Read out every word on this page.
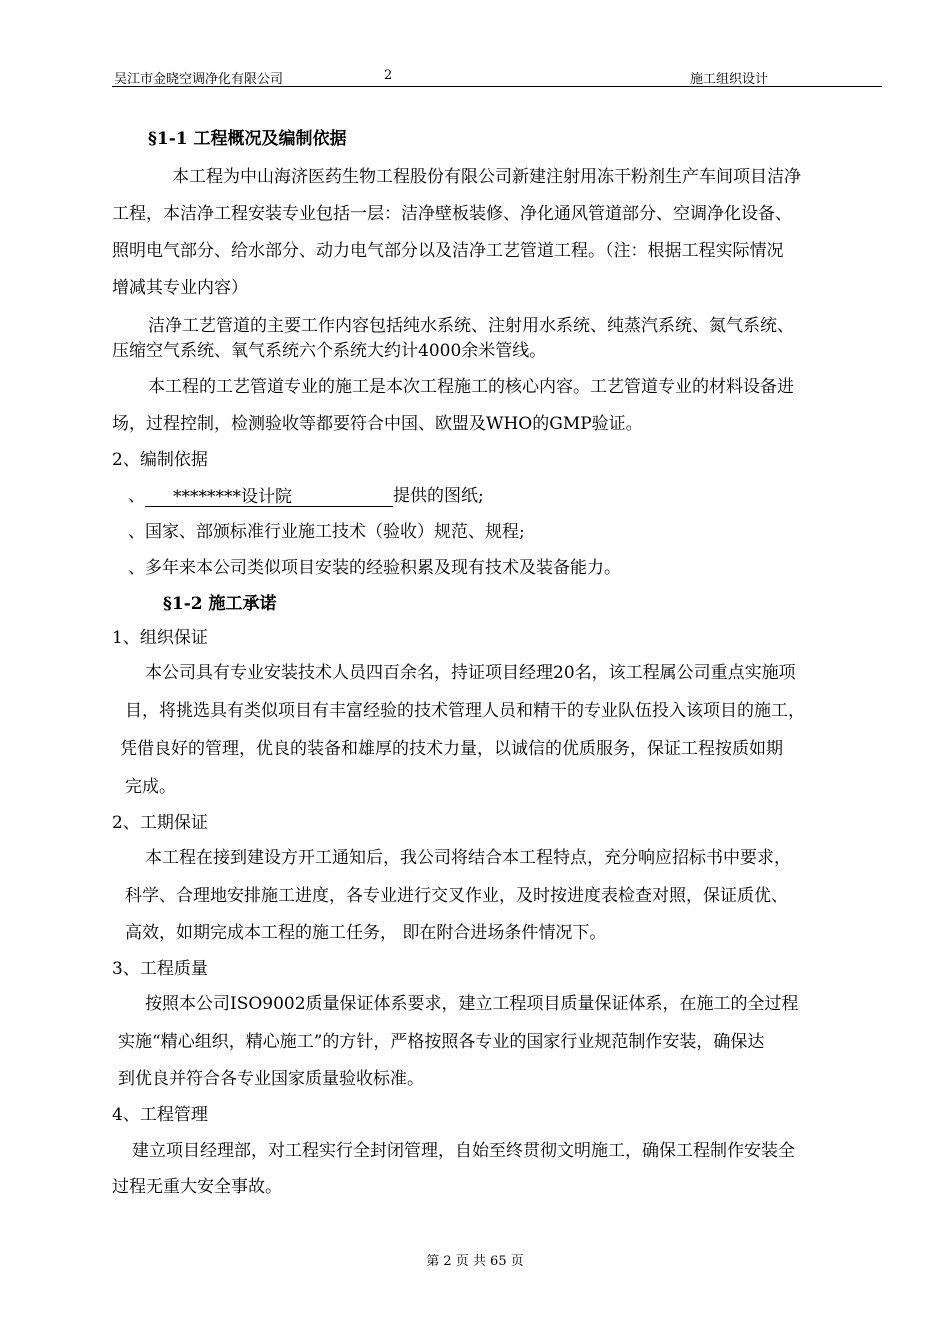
吴江市金晓空调净化有限公司	2	施工组织设计
§1-1 工程概况及编制依据
本工程为中山海济医药生物工程股份有限公司新建注射用冻干粉剂生产车间项目洁净
工程，本洁净工程安装专业包括一层：洁净壁板装修、净化通风管道部分、空调净化设备、
照明电气部分、给水部分、动力电气部分以及洁净工艺管道工程。（注：根据工程实际情况
增减其专业内容）
洁净工艺管道的主要工作内容包括纯水系统、注射用水系统、纯蒸汽系统、氮气系统、
压缩空气系统、氧气系统六个系统大约计4000余米管线。
本工程的工艺管道专业的施工是本次工程施工的核心内容。工艺管道专业的材料设备进
场，过程控制，检测验收等都要符合中国、欧盟及WHO的GMP验证。
2、编制依据
、 ********设计院	提供的图纸;
、国家、部颁标准行业施工技术（验收）规范、规程;
、多年来本公司类似项目安装的经验积累及现有技术及装备能力。
§1-2 施工承诺
1、组织保证
本公司具有专业安装技术人员四百余名，持证项目经理20名，该工程属公司重点实施项
目，将挑选具有类似项目有丰富经验的技术管理人员和精干的专业队伍投入该项目的施工，
凭借良好的管理，优良的装备和雄厚的技术力量，以诚信的优质服务，保证工程按质如期
完成。
2、工期保证
本工程在接到建设方开工通知后，我公司将结合本工程特点，充分响应招标书中要求，
科学、合理地安排施工进度，各专业进行交叉作业，及时按进度表检查对照，保证质优、
高效，如期完成本工程的施工任务， 即在附合进场条件情况下。
3、工程质量
按照本公司ISO9002质量保证体系要求，建立工程项目质量保证体系，在施工的全过程
实施“精心组织，精心施工”的方针，严格按照各专业的国家行业规范制作安装，确保达
到优良并符合各专业国家质量验收标准。
4、工程管理
建立项目经理部，对工程实行全封闭管理，自始至终贯彻文明施工，确保工程制作安装全
过程无重大安全事故。
第 2 页 共 65 页
